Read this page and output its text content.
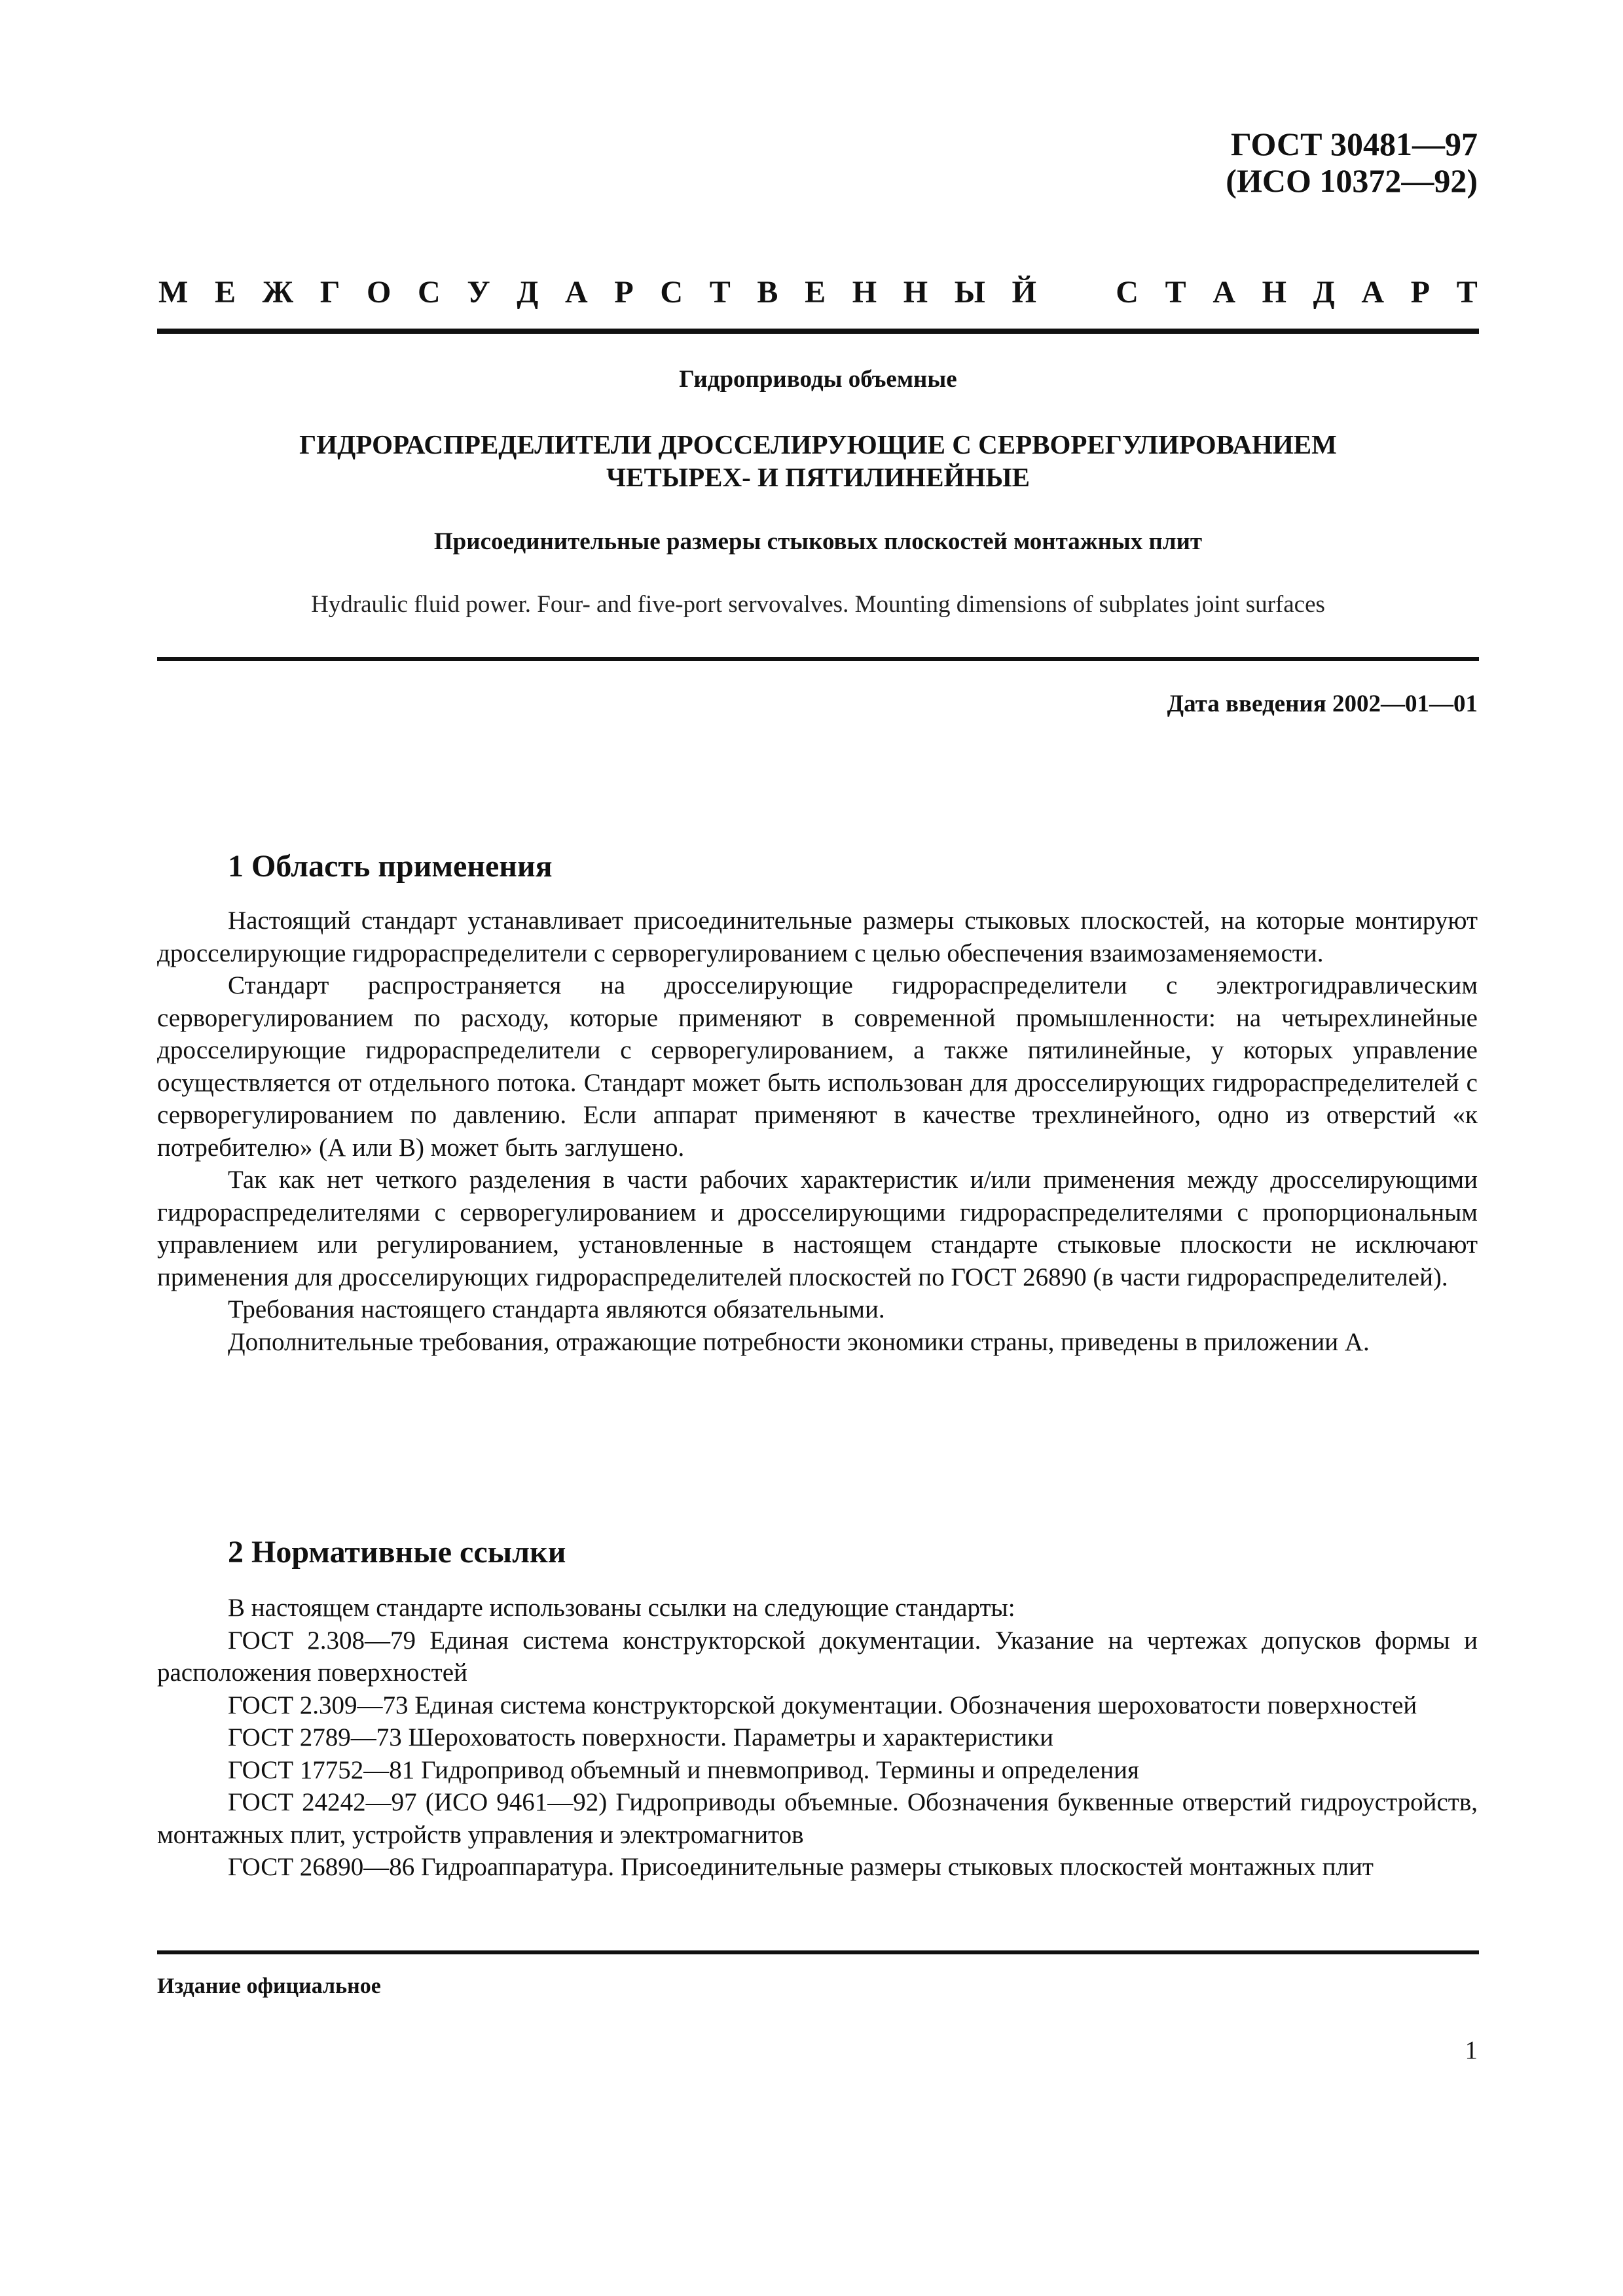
ГОСТ 30481—97
(ИСО 10372—92)
М Е Ж Г О С У Д А Р С Т В Е Н Н Ы Й	С Т А Н Д А Р Т
Гидроприводы объемные
ГИДРОРАСПРЕДЕЛИТЕЛИ ДРОССЕЛИРУЮЩИЕ С СЕРВОРЕГУЛИРОВАНИЕМ
ЧЕТЫРЕХ- И ПЯТИЛИНЕЙНЫЕ
Присоединительные размеры стыковых плоскостей монтажных плит
Hydraulic fluid power. Four- and five-port servovalves. Mounting dimensions of subplates joint surfaces
Дата введения 2002—01—01
1 Область применения

Настоящий стандарт устанавливает присоединительные размеры стыковых плоскостей, на которые монтируют дросселирующие гидрораспределители с серворегулированием с целью обеспечения взаимозаменяемости.

Стандарт распространяется на дросселирующие гидрораспределители с электрогидравлическим серворегулированием по расходу, которые применяют в современной промышленности: на четырехлинейные дросселирующие гидрораспределители с серворегулированием, а также пятилинейные, у которых управление осуществляется от отдельного потока. Стандарт может быть использован для дросселирующих гидрораспределителей с серворегулированием по давлению. Если аппарат применяют в качестве трехлинейного, одно из отверстий «к потребителю» (А или В) может быть заглушено.

Так как нет четкого разделения в части рабочих характеристик и/или применения между дросселирующими гидрораспределителями с серворегулированием и дросселирующими гидрораспределителями с пропорциональным управлением или регулированием, установленные в настоящем стандарте стыковые плоскости не исключают применения для дросселирующих гидрораспределителей плоскостей по ГОСТ 26890 (в части гидрораспределителей).

Требования настоящего стандарта являются обязательными.

Дополнительные требования, отражающие потребности экономики страны, приведены в приложении А.

2 Нормативные ссылки

В настоящем стандарте использованы ссылки на следующие стандарты:

ГОСТ 2.308—79 Единая система конструкторской документации. Указание на чертежах допусков формы и расположения поверхностей

ГОСТ 2.309—73 Единая система конструкторской документации. Обозначения шероховатости поверхностей

ГОСТ 2789—73 Шероховатость поверхности. Параметры и характеристики

ГОСТ 17752—81 Гидропривод объемный и пневмопривод. Термины и определения

ГОСТ 24242—97 (ИСО 9461—92) Гидроприводы объемные. Обозначения буквенные отверстий гидроустройств, монтажных плит, устройств управления и электромагнитов

ГОСТ 26890—86 Гидроаппаратура. Присоединительные размеры стыковых плоскостей монтажных плит

Издание официальное
1
